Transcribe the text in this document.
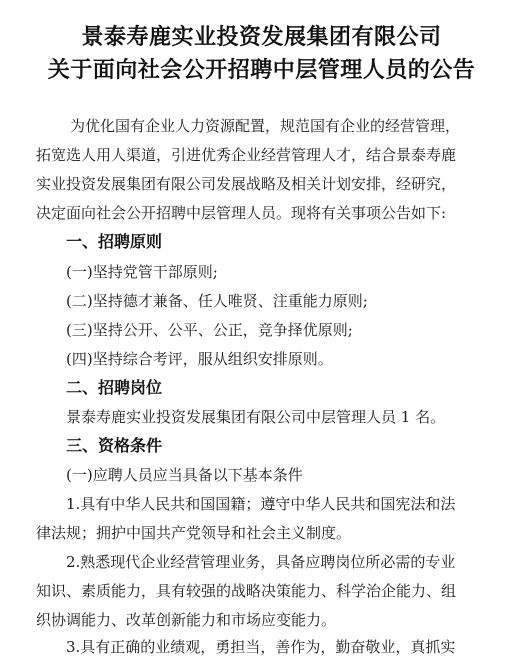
景泰寿鹿实业投资发展集团有限公司
关于面向社会公开招聘中层管理人员的公告
为优化国有企业人力资源配置，规范国有企业的经营管理，
拓宽选人用人渠道，引进优秀企业经营管理人才，结合景泰寿鹿
实业投资发展集团有限公司发展战略及相关计划安排，经研究，
决定面向社会公开招聘中层管理人员。现将有关事项公告如下:
一、招聘原则
(一)坚持党管干部原则;
(二)坚持德才兼备、任人唯贤、注重能力原则;
(三)坚持公开、公平、公正，竞争择优原则;
(四)坚持综合考评，服从组织安排原则。
二、招聘岗位
景泰寿鹿实业投资发展集团有限公司中层管理人员 1 名。
三、资格条件
(一)应聘人员应当具备以下基本条件
1.具有中华人民共和国国籍；遵守中华人民共和国宪法和法
律法规；拥护中国共产党领导和社会主义制度。
2.熟悉现代企业经营管理业务，具备应聘岗位所必需的专业
知识、素质能力，具有较强的战略决策能力、科学治企能力、组
织协调能力、改革创新能力和市场应变能力。
3.具有正确的业绩观，勇担当，善作为，勤奋敬业，真抓实
